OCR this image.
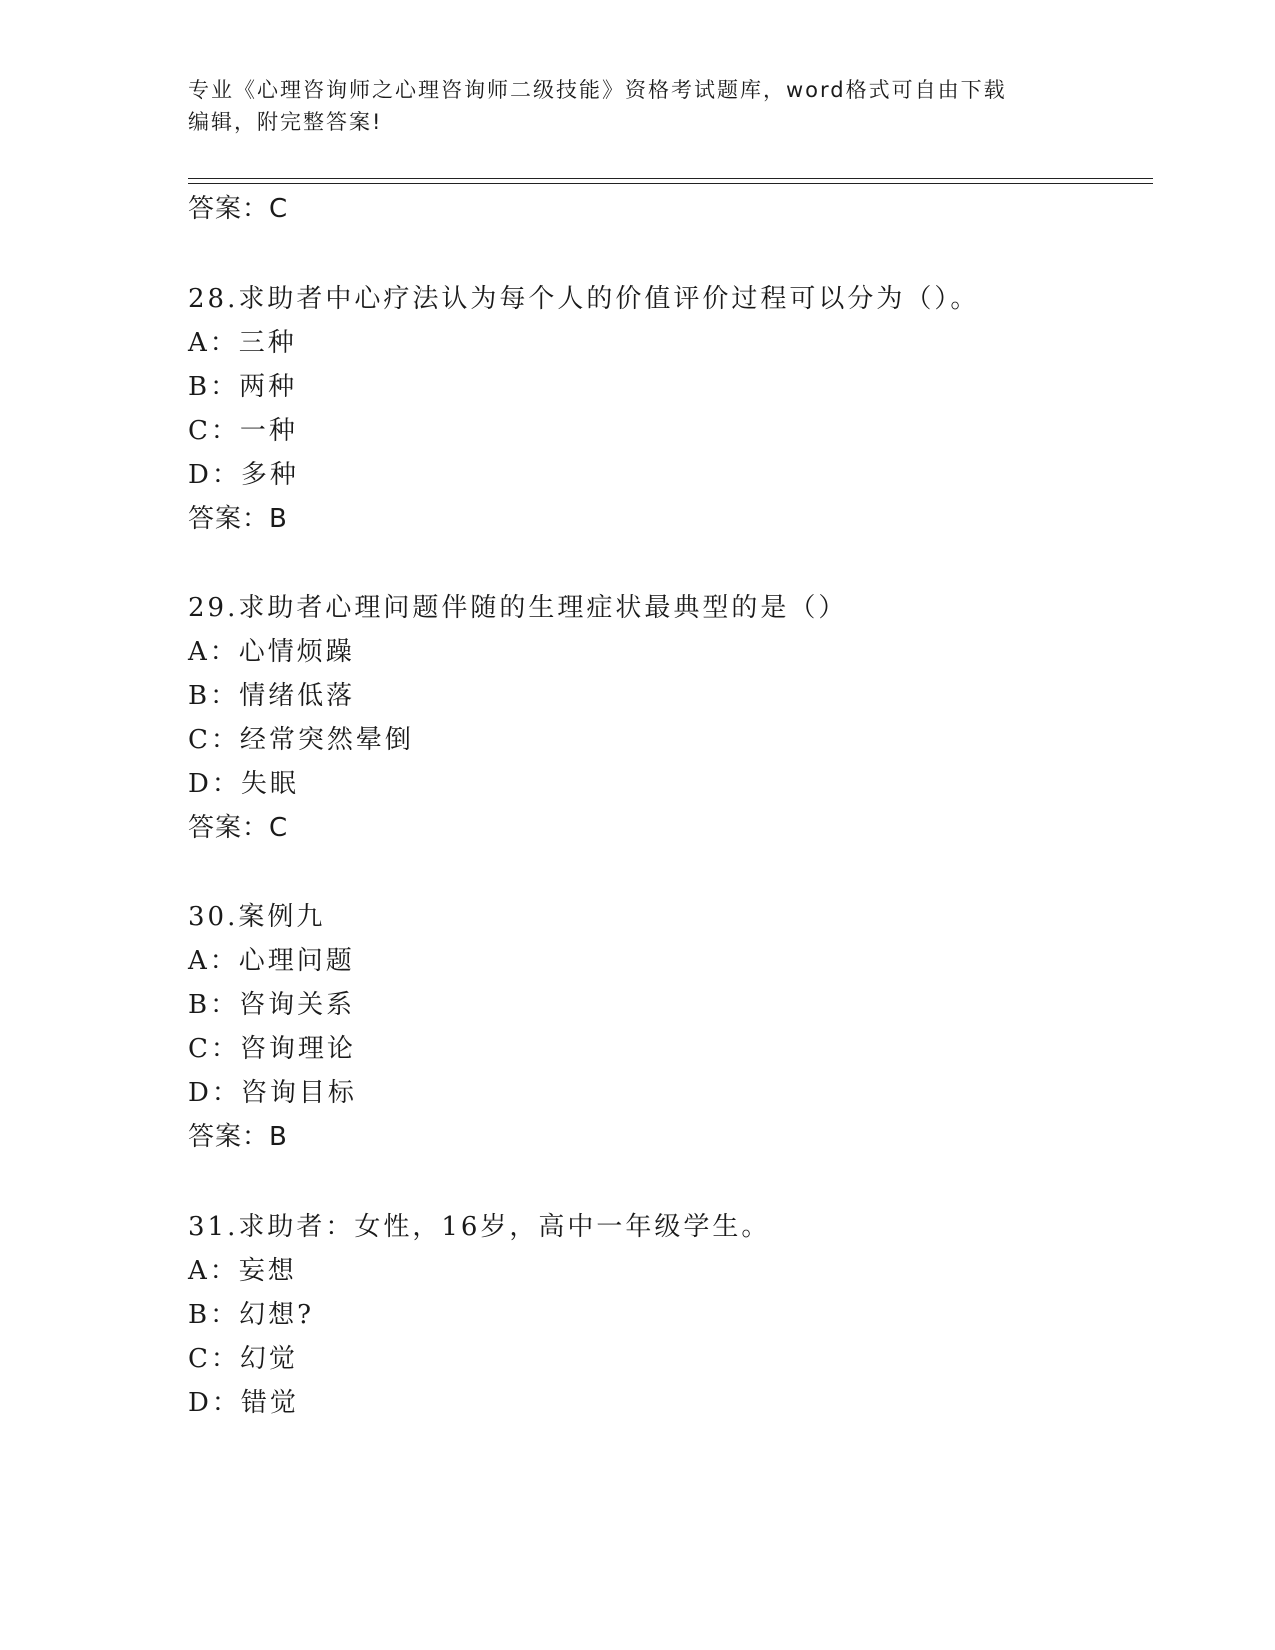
专业《心理咨询师之心理咨询师二级技能》资格考试题库，word格式可自由下载
编辑，附完整答案!
答案：C
28.求助者中心疗法认为每个人的价值评价过程可以分为（）。
A：三种
B：两种
C：一种
D：多种
答案：B
29.求助者心理问题伴随的生理症状最典型的是（）
A：心情烦躁
B：情绪低落
C：经常突然晕倒
D：失眠
答案：C
30.案例九
A：心理问题
B：咨询关系
C：咨询理论
D：咨询目标
答案：B
31.求助者：女性，16岁，高中一年级学生。
A：妄想
B：幻想?
C：幻觉
D：错觉
